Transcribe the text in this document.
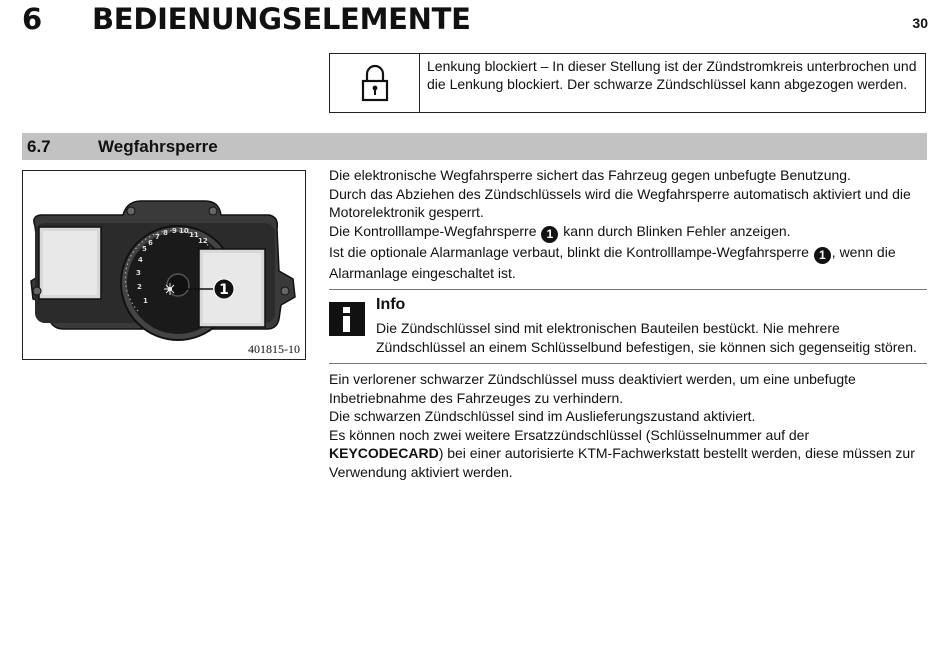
6 BEDIENUNGSELEMENTE	30
Lenkung blockiert – In dieser Stellung ist der Zündstromkreis unterbrochen und die Lenkung blockiert. Der schwarze Zündschlüssel kann abgezogen werden.
6.7	Wegfahrsperre
1
2
3
4
5
6
7 8 9 10 11
12
1
401815-10

Die elektronische Wegfahrsperre sichert das Fahrzeug gegen unbefugte Benutzung.

Durch das Abziehen des Zündschlüssels wird die Wegfahrsperre automatisch aktiviert und die Motorelektronik gesperrt.

Die Kontrolllampe-Wegfahrsperre 1 kann durch Blinken Fehler anzeigen.

Ist die optionale Alarmanlage verbaut, blinkt die Kontrolllampe-Wegfahrsperre 1 , wenn die Alarmanlage eingeschaltet ist.

Info
Die Zündschlüssel sind mit elektronischen Bauteilen bestückt. Nie mehrere Zündschlüssel an einem Schlüsselbund befestigen, sie können sich gegenseitig stören.

Ein verlorener schwarzer Zündschlüssel muss deaktiviert werden, um eine unbefugte Inbetriebnahme des Fahrzeuges zu verhindern.

Die schwarzen Zündschlüssel sind im Auslieferungszustand aktiviert.

Es können noch zwei weitere Ersatzzündschlüssel (Schlüsselnummer auf der KEYCODECARD) bei einer autorisierte KTM-Fachwerkstatt bestellt werden, diese müssen zur Verwendung aktiviert werden.
